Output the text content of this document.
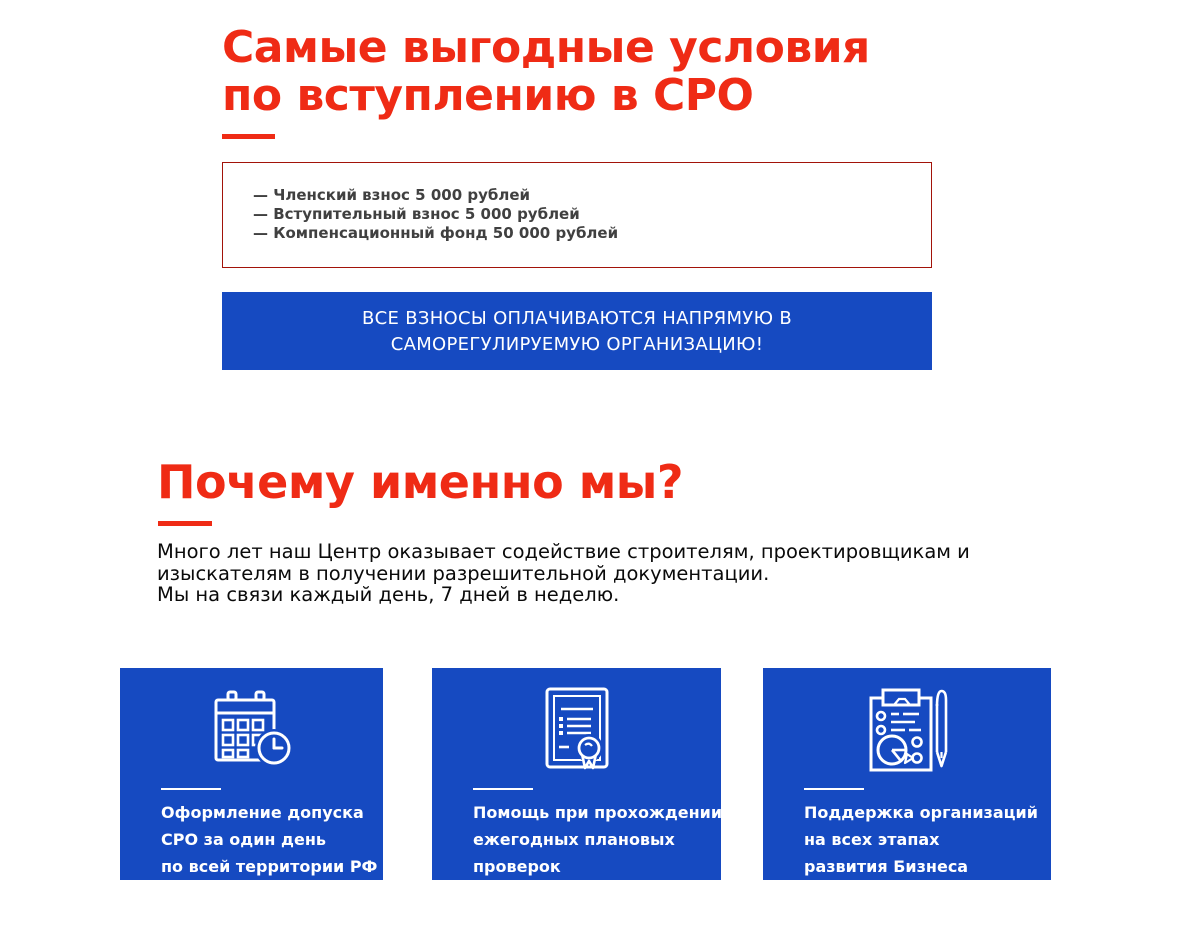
Самые выгодные условия
по вступлению в СРО
— Членский взнос 5 000 рублей
— Вступительный взнос 5 000 рублей
— Компенсационный фонд 50 000 рублей
ВСЕ ВЗНОСЫ ОПЛАЧИВАЮТСЯ НАПРЯМУЮ В
САМОРЕГУЛИРУЕМУЮ ОРГАНИЗАЦИЮ!
Почему именно мы?
Много лет наш Центр оказывает содействие строителям, проектировщикам и
изыскателям в получении разрешительной документации.
Мы на связи каждый день, 7 дней в неделю.
Оформление допуска
СРО за один день
по всей территории РФ
Помощь при прохождении
ежегодных плановых
проверок
Поддержка организаций
на всех этапах
развития Бизнеса
